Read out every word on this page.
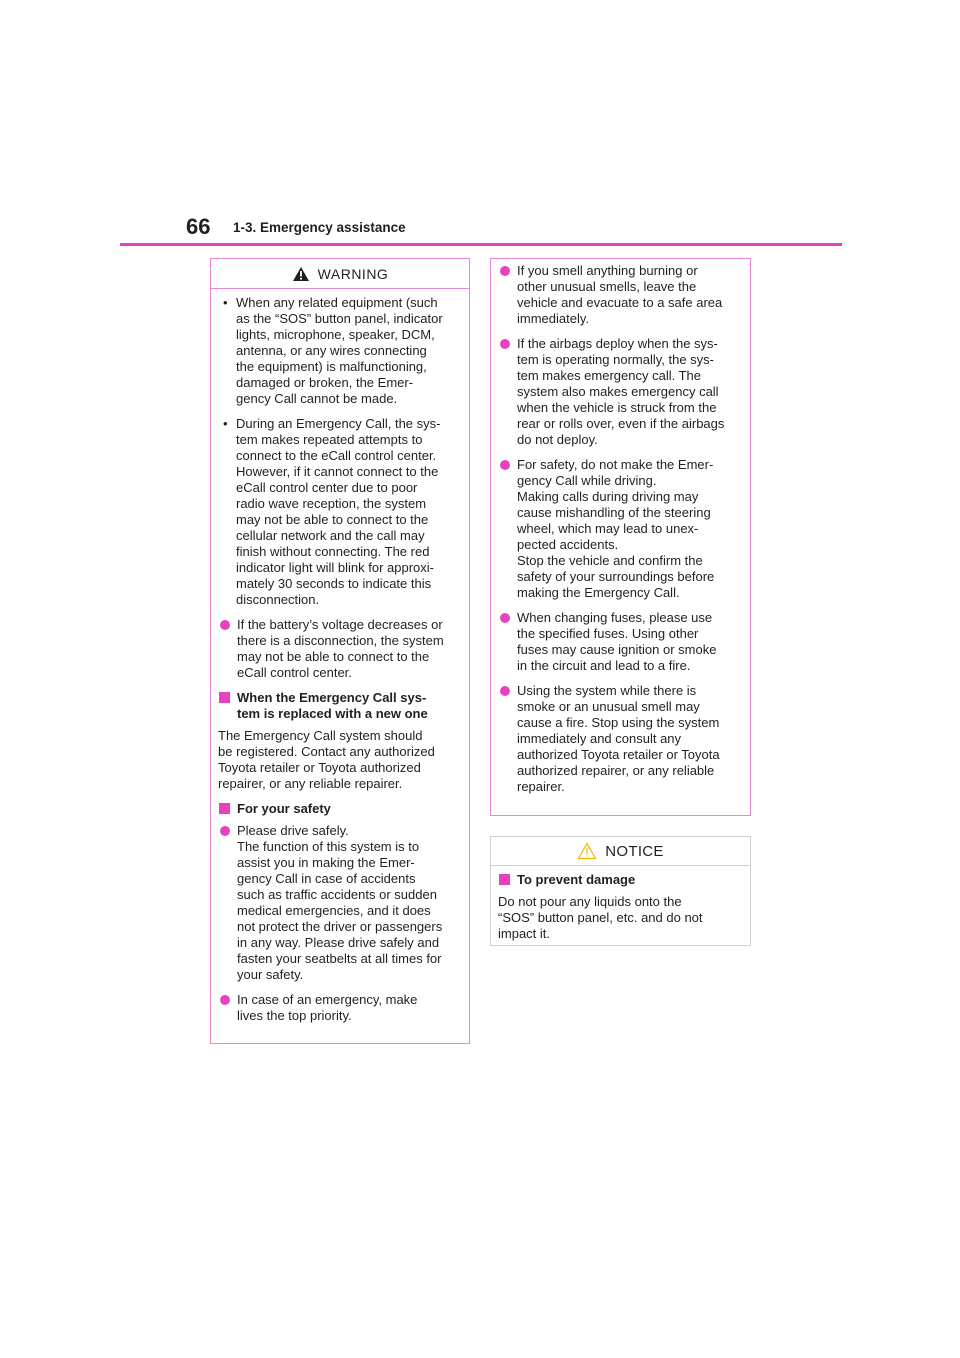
66 1-3. Emergency assistance
WARNING
• When any related equipment (such
as the “SOS” button panel, indicator
lights, microphone, speaker, DCM,
antenna, or any wires connecting
the equipment) is malfunctioning,
damaged or broken, the Emer-
gency Call cannot be made.
• During an Emergency Call, the sys-
tem makes repeated attempts to
connect to the eCall control center.
However, if it cannot connect to the
eCall control center due to poor
radio wave reception, the system
may not be able to connect to the
cellular network and the call may
finish without connecting. The red
indicator light will blink for approxi-
mately 30 seconds to indicate this
disconnection.
If the battery’s voltage decreases or
there is a disconnection, the system
may not be able to connect to the
eCall control center.
When the Emergency Call sys-
tem is replaced with a new one
The Emergency Call system should
be registered. Contact any authorized
Toyota retailer or Toyota authorized
repairer, or any reliable repairer.
For your safety
Please drive safely.
The function of this system is to
assist you in making the Emer-
gency Call in case of accidents
such as traffic accidents or sudden
medical emergencies, and it does
not protect the driver or passengers
in any way. Please drive safely and
fasten your seatbelts at all times for
your safety.
In case of an emergency, make
lives the top priority.
If you smell anything burning or
other unusual smells, leave the
vehicle and evacuate to a safe area
immediately.
If the airbags deploy when the sys-
tem is operating normally, the sys-
tem makes emergency call. The
system also makes emergency call
when the vehicle is struck from the
rear or rolls over, even if the airbags
do not deploy.
For safety, do not make the Emer-
gency Call while driving.
Making calls during driving may
cause mishandling of the steering
wheel, which may lead to unex-
pected accidents.
Stop the vehicle and confirm the
safety of your surroundings before
making the Emergency Call.
When changing fuses, please use
the specified fuses. Using other
fuses may cause ignition or smoke
in the circuit and lead to a fire.
Using the system while there is
smoke or an unusual smell may
cause a fire. Stop using the system
immediately and consult any
authorized Toyota retailer or Toyota
authorized repairer, or any reliable
repairer.
NOTICE
To prevent damage
Do not pour any liquids onto the
“SOS” button panel, etc. and do not
impact it.
